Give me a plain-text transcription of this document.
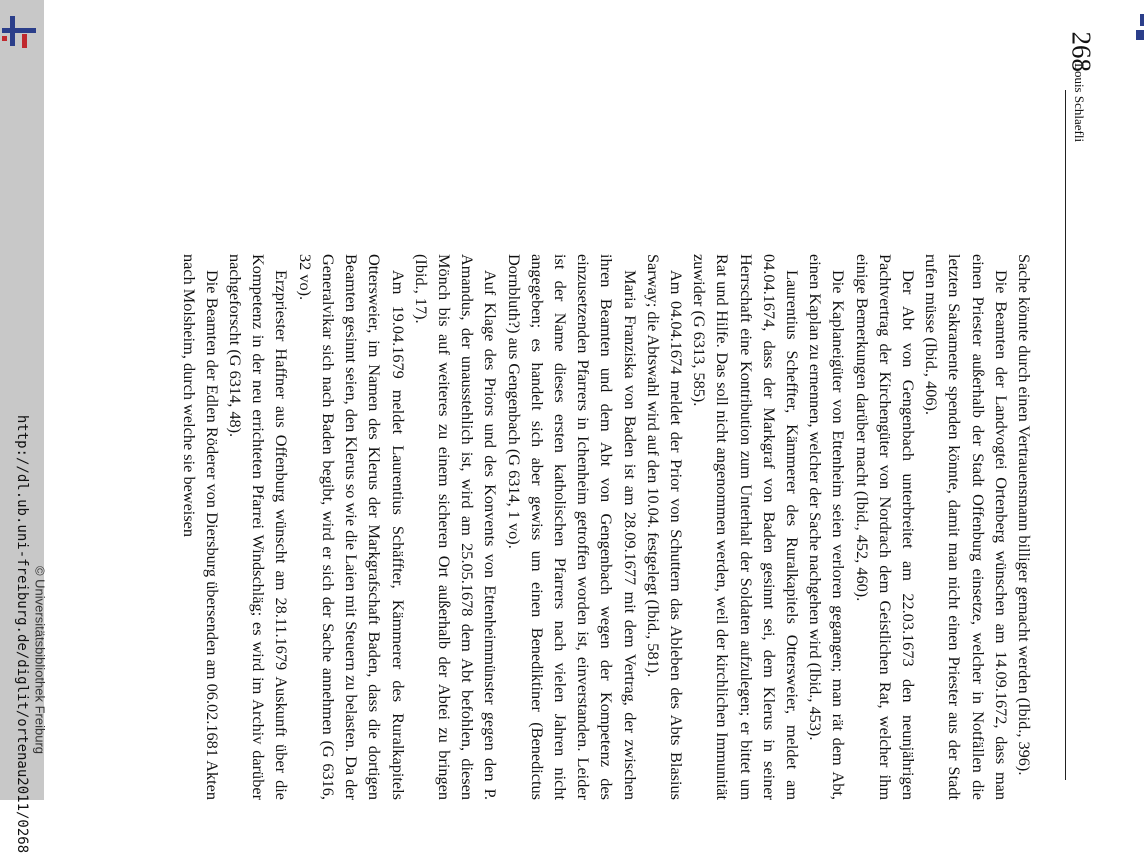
http://dl.ub.uni-freiburg.de/diglit/ortenau2011/0268 © Universitätsbibliothek Freiburg
268
Louis Schlaefli

Sache könnte durch einen Vertrauensmann billiger gemacht werden (Ibid., 396).

Die Beamten der Landvogtei Ortenberg wünschen am 14.09.1672, dass man einen Priester außerhalb der Stadt Offenburg einsetze, welcher in Notfällen die letzten Sakramente spenden könnte, damit man nicht einen Priester aus der Stadt rufen müsse (Ibid., 406).

Der Abt von Gengenbach unterbreitet am 22.03.1673 den neunjährigen Pachtvertrag der Kirchengüter von Nordrach dem Geistlichen Rat, welcher ihm einige Bemerkungen darüber macht (Ibid., 452, 460).

Die Kaplaneigüter von Ettenheim seien verloren gegangen; man rät dem Abt, einen Kaplan zu ernennen, welcher der Sache nachgehen wird (Ibid., 453).

Laurentius Scheffter, Kämmerer des Ruralkapitels Ottersweier, meldet am 04.04.1674, dass der Markgraf von Baden gesinnt sei, dem Klerus in seiner Herrschaft eine Kontribution zum Unterhalt der Soldaten aufzulegen; er bittet um Rat und Hilfe. Das soll nicht angenommen werden, weil der kirchlichen Immunität zuwider (G 6313, 585).

Am 04.04.1674 meldet der Prior von Schuttern das Ableben des Abts Blasius Sarway; die Abtswahl wird auf den 10.04. festgelegt (Ibid., 581).

Maria Franziska von Baden ist am 28.09.1677 mit dem Vertrag, der zwischen ihren Beamten und dem Abt von Gengenbach wegen der Kompetenz des einzusetzenden Pfarrers in Ichenheim getroffen worden ist, einverstanden. Leider ist der Name dieses ersten katholischen Pfarrers nach vielen Jahren nicht angegeben; es handelt sich aber gewiss um einen Benediktiner (Benedictus Dornbluth?) aus Gengenbach (G 6314, 1 vo).

Auf Klage des Priors und des Konvents von Ettenheimmünster gegen den P. Amandus, der unausstehlich ist, wird am 25.05.1678 dem Abt befohlen, diesen Mönch bis auf weiteres zu einem sicheren Ort außerhalb der Abtei zu bringen (Ibid., 17).

Am 19.04.1679 meldet Laurentius Schäffter, Kämmerer des Ruralkapitels Ottersweier, im Namen des Klerus der Markgrafschaft Baden, dass die dortigen Beamten gesinnt seien, den Klerus so wie die Laien mit Steuern zu belasten. Da der Generalvikar sich nach Baden begibt, wird er sich der Sache annehmen (G 6316, 32 vo).

Erzpriester Haffner aus Offenburg wünscht am 28.11.1679 Auskunft über die Kompetenz in der neu errichteten Pfarrei Windschläg; es wird im Archiv darüber nachgeforscht (G 6314, 48).

Die Beamten der Edlen Röderer von Diersburg übersenden am 06.02.1681 Akten nach Molsheim, durch welche sie beweisen
